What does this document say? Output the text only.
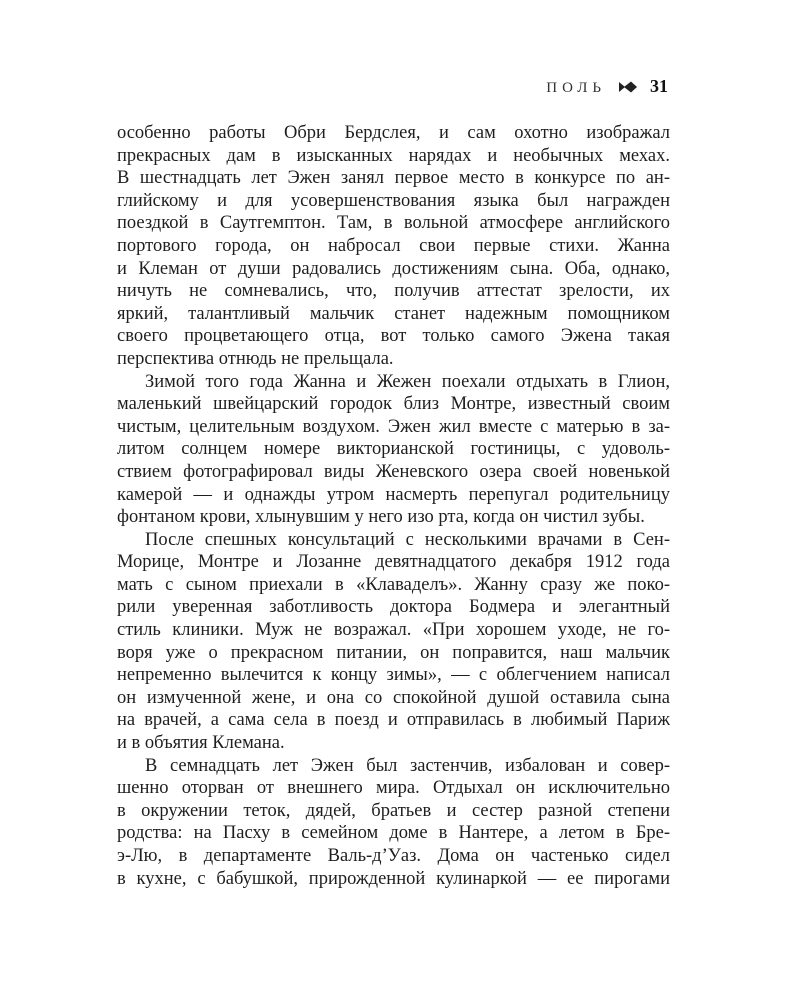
ПОЛЬ 31
особенно работы Обри Бердслея, и сам охотно изображал
прекрасных дам в изысканных нарядах и необычных мехах.
В шестнадцать лет Эжен занял первое место в конкурсе по ан-
глийскому и для усовершенствования языка был награжден
поездкой в Саутгемптон. Там, в вольной атмосфере английского
портового города, он набросал свои первые стихи. Жанна
и Клеман от души радовались достижениям сына. Оба, однако,
ничуть не сомневались, что, получив аттестат зрелости, их
яркий, талантливый мальчик станет надежным помощником
своего процветающего отца, вот только самого Эжена такая
перспектива отнюдь не прельщала.
Зимой того года Жанна и Жежен поехали отдыхать в Глион,
маленький швейцарский городок близ Монтре, известный своим
чистым, целительным воздухом. Эжен жил вместе с матерью в за-
литом солнцем номере викторианской гостиницы, с удоволь-
ствием фотографировал виды Женевского озера своей новенькой
камерой — и однажды утром насмерть перепугал родительницу
фонтаном крови, хлынувшим у него изо рта, когда он чистил зубы.
После спешных консультаций с несколькими врачами в Сен-
Морице, Монтре и Лозанне девятнадцатого декабря 1912 года
мать с сыном приехали в «Клаваделъ». Жанну сразу же поко-
рили уверенная заботливость доктора Бодмера и элегантный
стиль клиники. Муж не возражал. «При хорошем уходе, не го-
воря уже о прекрасном питании, он поправится, наш мальчик
непременно вылечится к концу зимы», — с облегчением написал
он измученной жене, и она со спокойной душой оставила сына
на врачей, а сама села в поезд и отправилась в любимый Париж
и в объятия Клемана.
В семнадцать лет Эжен был застенчив, избалован и совер-
шенно оторван от внешнего мира. Отдыхал он исключительно
в окружении теток, дядей, братьев и сестер разной степени
родства: на Пасху в семейном доме в Нантере, а летом в Бре-
э-Лю, в департаменте Валь-д’Уаз. Дома он частенько сидел
в кухне, с бабушкой, прирожденной кулинаркой — ее пирогами
